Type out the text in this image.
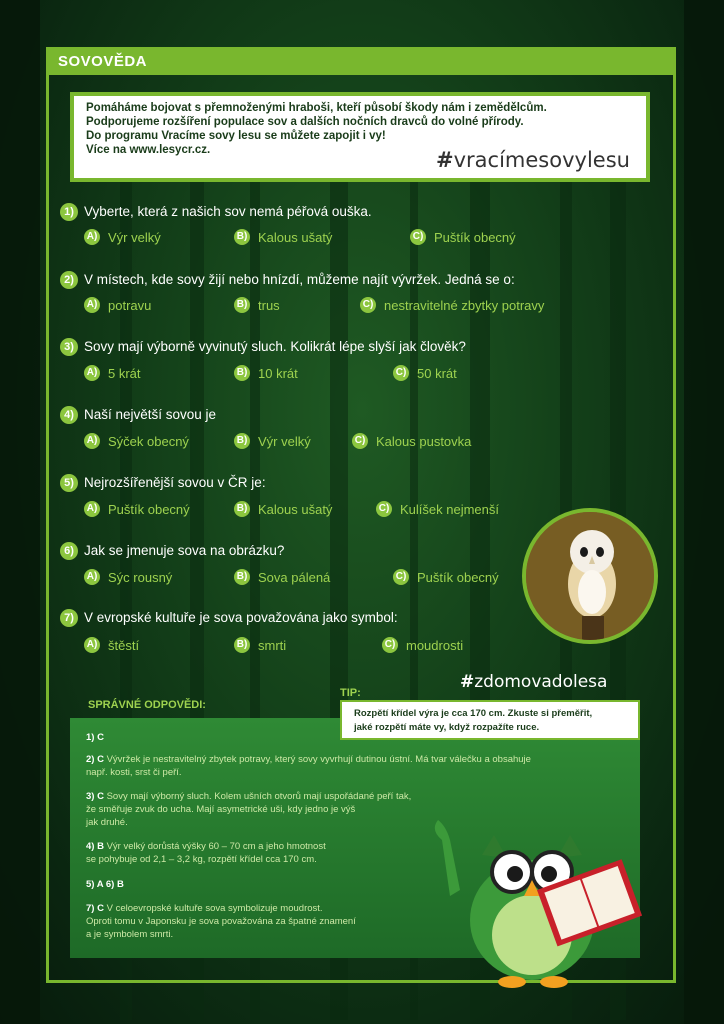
SOVOVĚDA
Pomáháme bojovat s přemnoženými hraboši, kteří působí škody nám i zemědělcům.
Podporujeme rozšíření populace sov a dalších nočních dravců do volné přírody.
Do programu Vracíme sovy lesu se můžete zapojit i vy!
Více na www.lesycr.cz.	#vracímesovylesu
1) Vyberte, která z našich sov nemá péřová ouška.
A) Výr velký	B) Kalous ušatý	C) Puštík obecný
2) V místech, kde sovy žijí nebo hnízdí, můžeme najít vývržek. Jedná se o:
A) potravu	B) trus	C) nestravitelné zbytky potravy
3) Sovy mají výborně vyvinutý sluch. Kolikrát lépe slyší jak člověk?
A) 5 krát	B) 10 krát	C) 50 krát
4) Naší největší sovou je
A) Sýček obecný	B) Výr velký	C) Kalous pustovka
5) Nejrozšířenější sovou v ČR je:
A) Puštík obecný	B) Kalous ušatý	C) Kulíšek nejmenší
6) Jak se jmenuje sova na obrázku?
A) Sýc rousný	B) Sova pálená	C) Puštík obecný
7) V evropské kultuře je sova považována jako symbol:
A) štěstí	B) smrti	C) moudrosti
#zdomovadolesa
SPRÁVNÉ ODPOVĚDI:
1) C
2) C Vývržek je nestravitelný zbytek potravy, který sovy vyvrhují dutinou ústní. Má tvar válečku a obsahuje
např. kosti, srst či peří.
3) C Sovy mají výborný sluch. Kolem ušních otvorů mají uspořádané peří tak,
že směřuje zvuk do ucha. Mají asymetrické uši, kdy jedno je výš
jak druhé.
4) B Výr velký dorůstá výšky 60 – 70 cm a jeho hmotnost
se pohybuje od 2,1 – 3,2 kg, rozpětí křídel cca 170 cm.
5) A 6) B
7) C V celoevropské kultuře sova symbolizuje moudrost.
Oproti tomu v Japonsku je sova považována za špatné znamení
a je symbolem smrti.
TIP:
Rozpětí křídel výra je cca 170 cm. Zkuste si přeměřit,
jaké rozpětí máte vy, když rozpažíte ruce.
